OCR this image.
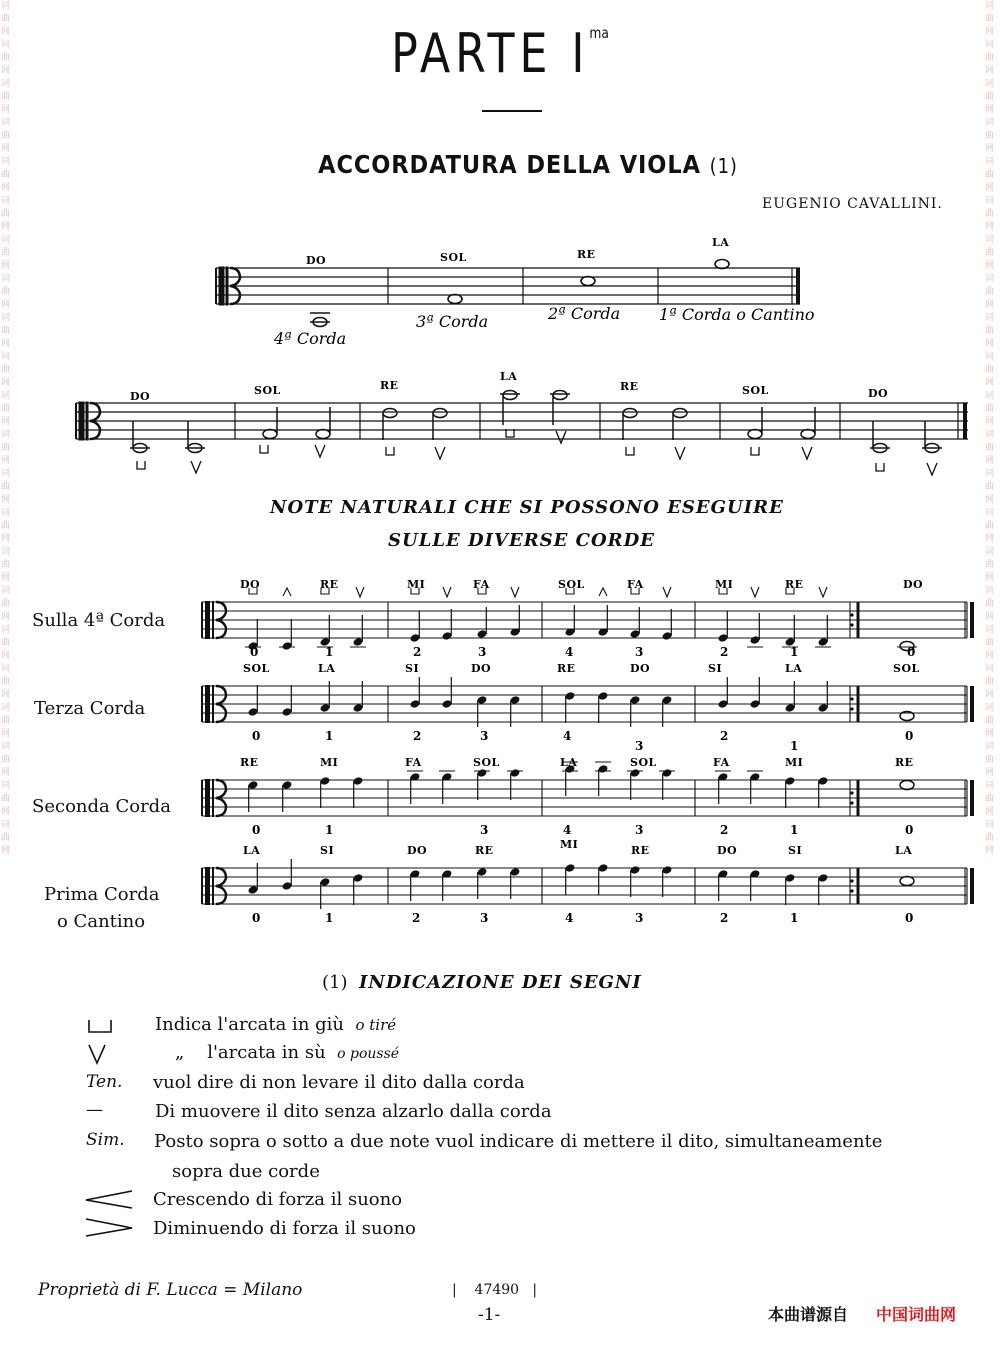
词曲网 词曲网 词曲网 词曲网 词曲网 词曲网 词曲网 词曲网 词曲网 词曲网 词曲网 词曲网 词曲网 词曲网 词曲网 词曲网 词曲网 词曲网 词曲网 词曲网 词曲网 词曲网
词曲网 词曲网 词曲网 词曲网 词曲网 词曲网 词曲网 词曲网 词曲网 词曲网 词曲网 词曲网 词曲网 词曲网 词曲网 词曲网 词曲网 词曲网 词曲网 词曲网 词曲网 词曲网
PARTE $I^{ma}$
ACCORDATURA DELLA VIOLA (1)
EUGENIO CAVALLINI.
DO	SOL	RE
LA
4ª Corda
3ª Corda	2ª Corda 1ª Corda o Cantino
DO	SOL	RE
LA
RE	SOL	DO
NOTE NATURALI CHE SI POSSONO ESEGUIRE
SULLE DIVERSE CORDE
Sulla 4ª Corda
Terza Corda
Seconda Corda
Prima Corda
o Cantino
DO	RE	MI	FA	SOL	FA	MI	RE	DO
0	1	2	3	4	3	2	1	0
SOL	LA	SI	DO	RE	DO	SI	LA	SOL
0	1	2	3	4
3
2
1
0
RE	MI	FA	SOL	LA	SOL	FA	MI	RE
0	1	3	4	3	2	1	0
LA	SI	DO	RE	MI	RE	DO	SI	LA
0	1	2	3	4	3	2	1	0
(1) INDICAZIONE DEI SEGNI
Indica l'arcata in giù o tiré
„ l'arcata in sù o poussé
Ten.	vuol dire di non levare il dito dalla corda
—	Di muovere il dito senza alzarlo dalla corda
Sim.	Posto sopra o sotto a due note vuol indicare di mettere il dito, simultaneamente
sopra due corde
Crescendo di forza il suono
Diminuendo di forza il suono
Proprietà di F. Lucca = Milano	|    47490   |
-1-	本曲谱源自 中国词曲网
